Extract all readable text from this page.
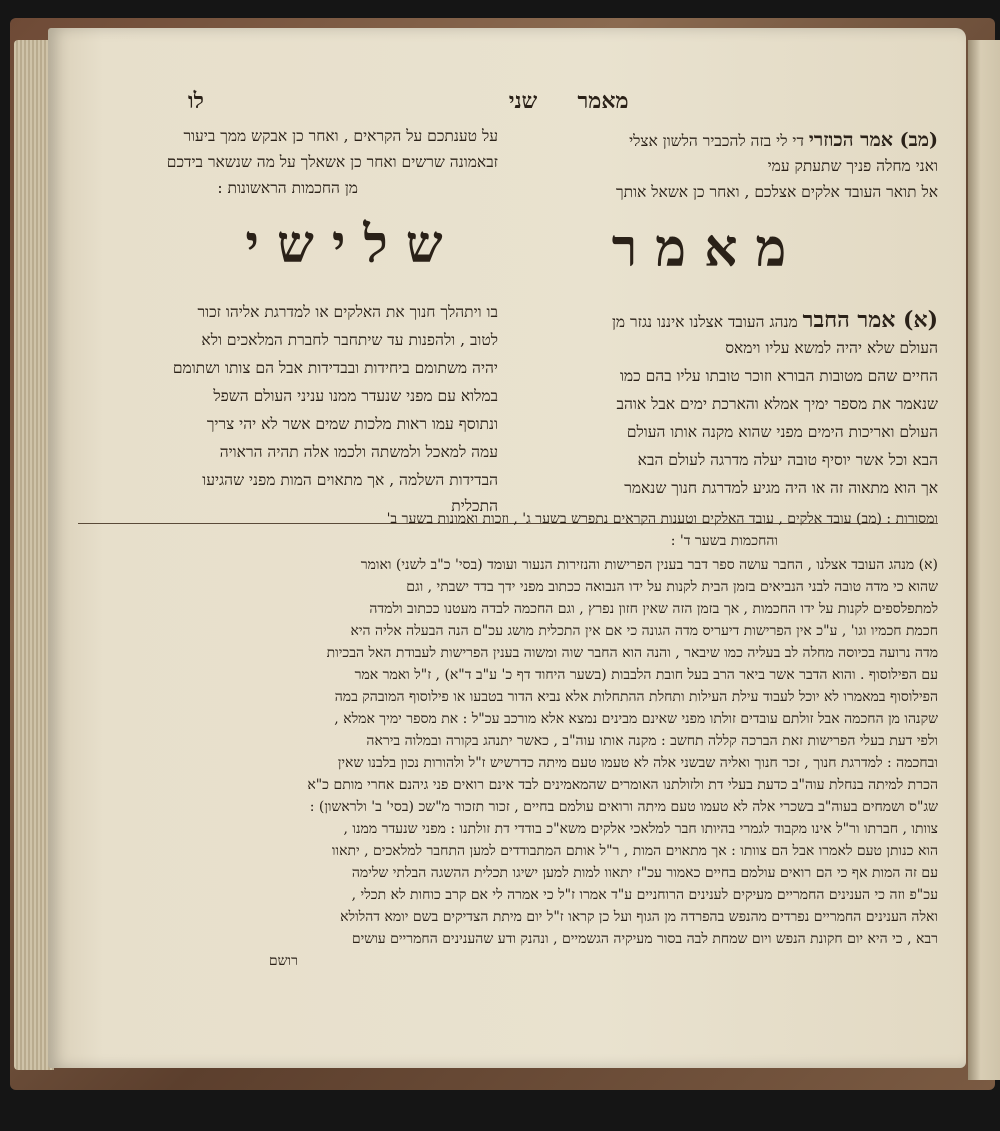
לו	מאמר
שני
(מב) אמר הכוזרי די לי בזה להכביר הלשון אצלי
ואני מחלה פניך שתעתק עמי
אל תואר העובד אלקים אצלכם , ואחר כן אשאל אותך
על טענתכם על הקראים , ואחר כן אבקש ממך ביעור
זבאמונה שרשים ואחר כן אשאלך על מה שנשאר בידכם
מן החכמות הראשונות :
מאמר
שלישי
(א) אמר החבר מנהג העובד אצלנו איננו נגזר מן
העולם שלא יהיה למשא עליו וימאס
החיים שהם מטובות הבורא וזוכר טובתו עליו בהם כמו
שנאמר את מספר ימיך אמלא והארכת ימים אבל אוהב
העולם ואריכות הימים מפני שהוא מקנה אותו העולם
הבא וכל אשר יוסיף טובה יעלה מדרגה לעולם הבא
אך הוא מתאוה זה או היה מגיע למדרגת חנוך שנאמר
בו ויתהלך חנוך את האלקים או למדרגת אליהו זכור
לטוב , ולהפנות עד שיתחבר לחברת המלאכים ולא
יהיה משתומם ביחידות ובבדידות אבל הם צותו ושתומם
במלוא עם מפני שנעדר ממנו עניני העולם השפל
ונתוסף עמו ראות מלכות שמים אשר לא יהי צריך
עמה למאכל ולמשתה ולכמו אלה תהיה הראויה
הבדידות השלמה , אך מתאוים המות מפני שהגיעו
התכלית
ומסורות : (מב) עובד אלקים , עובד האלקים וטענות הקראים נתפרש בשער ג' , וזכות ואמונות בשער ב'
והחכמות בשער ד' :
(א) מנהג העובד אצלנו , החבר עושה ספר דבר בענין הפרישות והנזירות הנעור ועומד (בסי' כ"ב לשני) ואומר
שהוא כי מדה טובה לבני הנביאים בזמן הבית לקנות על ידו הנבואה ככתוב מפני ידך בדד ישבתי , וגם
למתפלספים לקנות על ידו החכמות , אך בזמן הזה שאין חזון נפרץ , וגם החכמה לבדה מעטנו ככתוב ולמדה
חכמת חכמיו וגו' , ע"כ אין הפרישות דיעריס מדה הגונה כי אם אין התכלית מושג עכ"ם הנה הבעלה אליה היא
מדה נרועה בכיוסה מחלה לב בעליה כמו שיבאר , והנה הוא החבר שוה ומשוה בענין הפרישות לעבודת האל הבכיות
עם הפילוסוף . והוא הדבר אשר ביאר הרב בעל חובת הלבבות (בשער היחוד דף כ' ע"ב ד"א) , ז"ל ואמר אמר
הפילוסוף במאמרו לא יוכל לעבוד עילת העילות ותחלת ההתחלות אלא נביא הדור בטבעו או פילוסוף המובהק במה
שקנהו מן החכמה אבל זולתם עובדים זולתו מפני שאינם מבינים נמצא אלא מורכב עכ"ל : את מספר ימיך אמלא ,
ולפי דעת בעלי הפרישות זאת הברכה קללה תחשב : מקנה אותו עוה"ב , כאשר יתנהג בקורה ובמלוה ביראה
ובחכמה : למדרגת חנוך , זכר חנוך ואליה שבשני אלה לא טעמו טעם מיתה כדרשיש ז"ל ולהורות נכון בלבנו שאין
הכרת למיתה בנחלת עוה"ב כדעת בעלי דת ולזולתנו האומרים שהמאמינים לבד אינם רואים פני גיהנם אחרי מותם כ"א
שג"ס ושמחים בעוה"ב בשכרי אלה לא טעמו טעם מיתה ורואים עולמם בחיים , זכור תזכור מ"שכ (בסי' ב' ולראשון) :
צוותו , חברתו ור"ל אינו מקבוד לגמרי בהיותו חבר למלאכי אלקים משא"כ בודדי דת זולתנו : מפני שנעדר ממנו ,
הוא כנותן טעם לאמרו אבל הם צוותו : אך מתאוים המות , ר"ל אותם המתבודדים למען התחבר למלאכים , יתאוו
עם זה המות אף כי הם רואים עולמם בחיים כאמור עכ"ז יתאוו למות למען ישיגו תכלית ההשגה הבלתי שלימה
עכ"פ וזה כי הענינים החמריים מעיקים לענינים הרוחניים ע"ד אמרו ז"ל כי אמרה לי אם קרב כוחות לא תכלי ,
ואלה הענינים החמריים נפרדים מהנפש בהפרדה מן הגוף ועל כן קראו ז"ל יום מיתת הצדיקים בשם יומא דהלולא
רבא , כי היא יום חקונת הנפש ויום שמחת לבה בסור מעיקיה הגשמיים , ונהנק ודע שהענינים החמריים עושים
רושם
